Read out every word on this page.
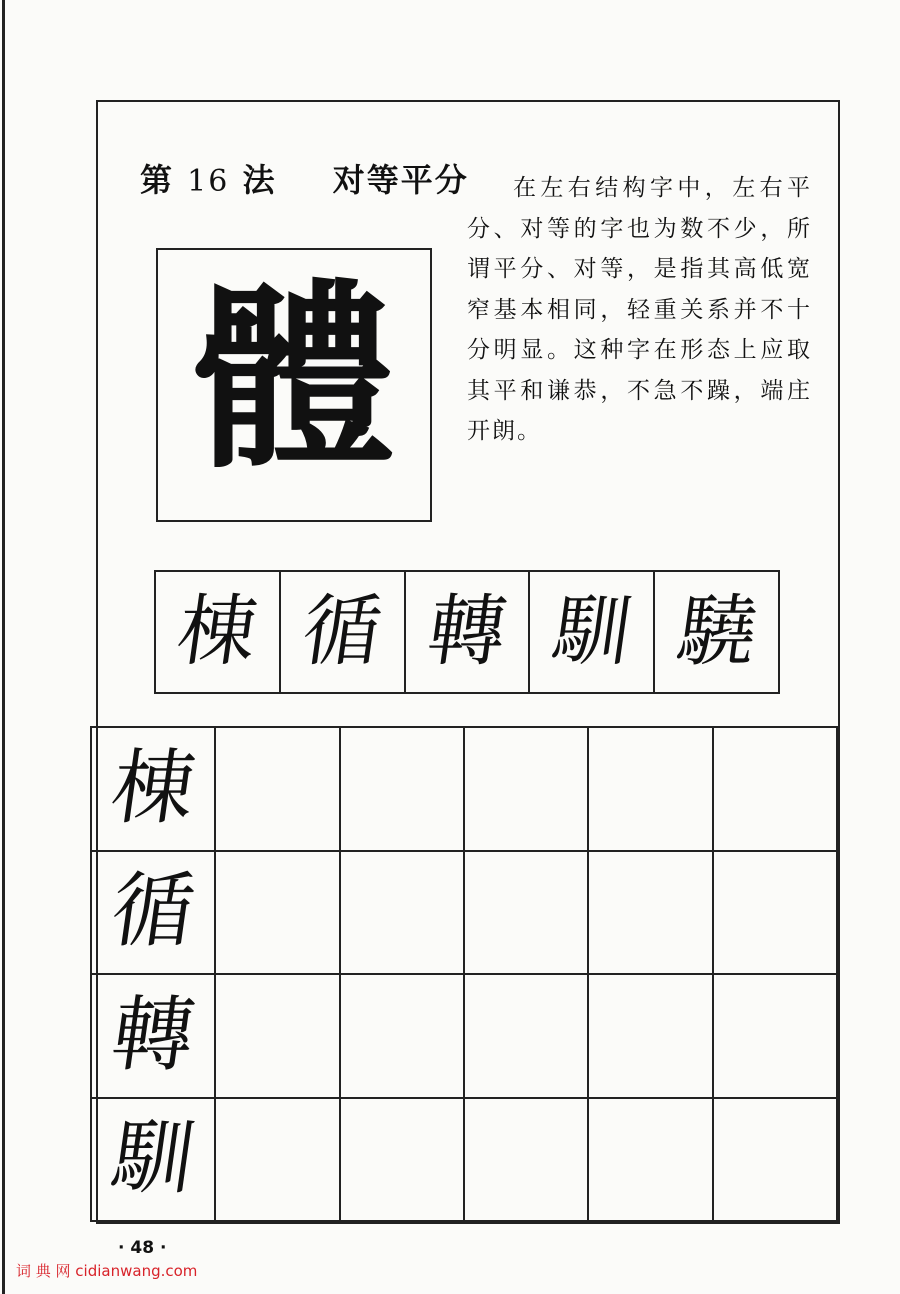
第 16 法 对等平分	在左右结构字中，左右平分、对等的字也为数不少，所谓平分、对等，是指其高低宽窄基本相同，轻重关系并不十分明显。这种字在形态上应取其平和谦恭，不急不躁，端庄开朗。
體
棟 循 轉 馴 驍
棟
循
轉
馴
· 48 ·
词 典 网 cidianwang.com
